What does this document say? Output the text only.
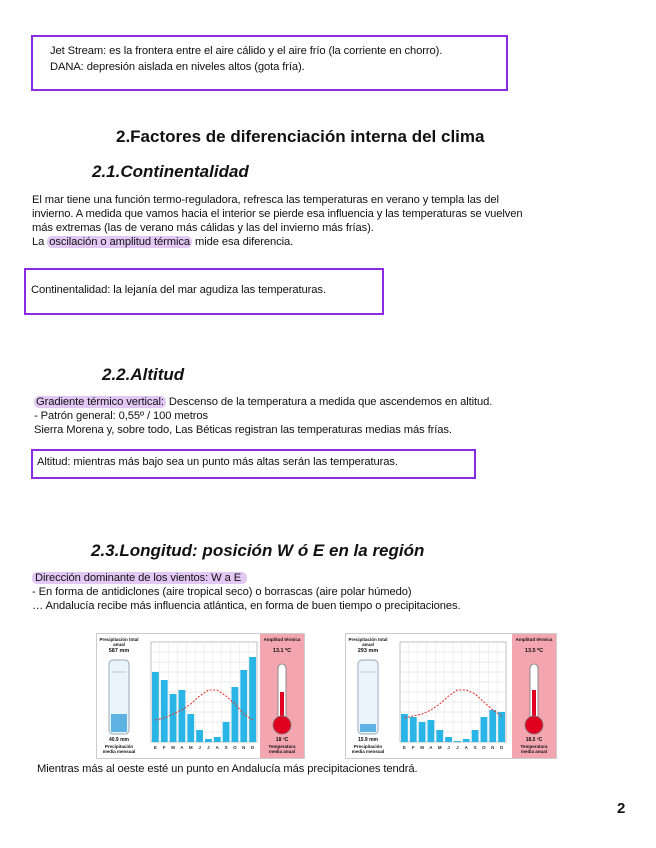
Jet Stream: es la frontera entre el aire cálido y el aire frío (la corriente en chorro).
DANA: depresión aislada en niveles altos (gota fría).
2.Factores de diferenciación interna del clima
2.1.Continentalidad
El mar tiene una función termo-reguladora, refresca las temperaturas en verano y templa las del
invierno. A medida que vamos hacia el interior se pierde esa influencia y las temperaturas se vuelven
más extremas (las de verano más cálidas y las del invierno más frías).
La oscilación o amplitud térmica mide esa diferencia.
Continentalidad: la lejanía del mar agudiza las temperaturas.
2.2.Altitud
Gradiente térmico vertical: Descenso de la temperatura a medida que ascendemos en altitud.
- Patrón general: 0,55º / 100 metros
Sierra Morena y, sobre todo, Las Béticas registran las temperaturas medias más frías.
Altitud: mientras más bajo sea un punto más altas serán las temperaturas.
2.3.Longitud: posición W ó E en la región
Dirección dominante de los vientos: W a E
- En forma de antidiclones (aire tropical seco) o borrascas (aire polar húmedo)
… Andalucía recibe más influencia atlántica, en forma de buen tiempo o precipitaciones.
Precipitación total anual
587 mm
40.9 mm
Precipitación media mensual
E F M A M J J A S O N D
Amplitud térmica
13.1 ºC
18 ºC
Temperatura media anual
Precipitación total anual
293 mm
15.9 mm
Precipitación media mensual
E F M A M J J A S O N D
Amplitud térmica
13.5 ºC
18.5 ºC
Temperatura media anual
Mientras más al oeste esté un punto en Andalucía más precipitaciones tendrá.
2
